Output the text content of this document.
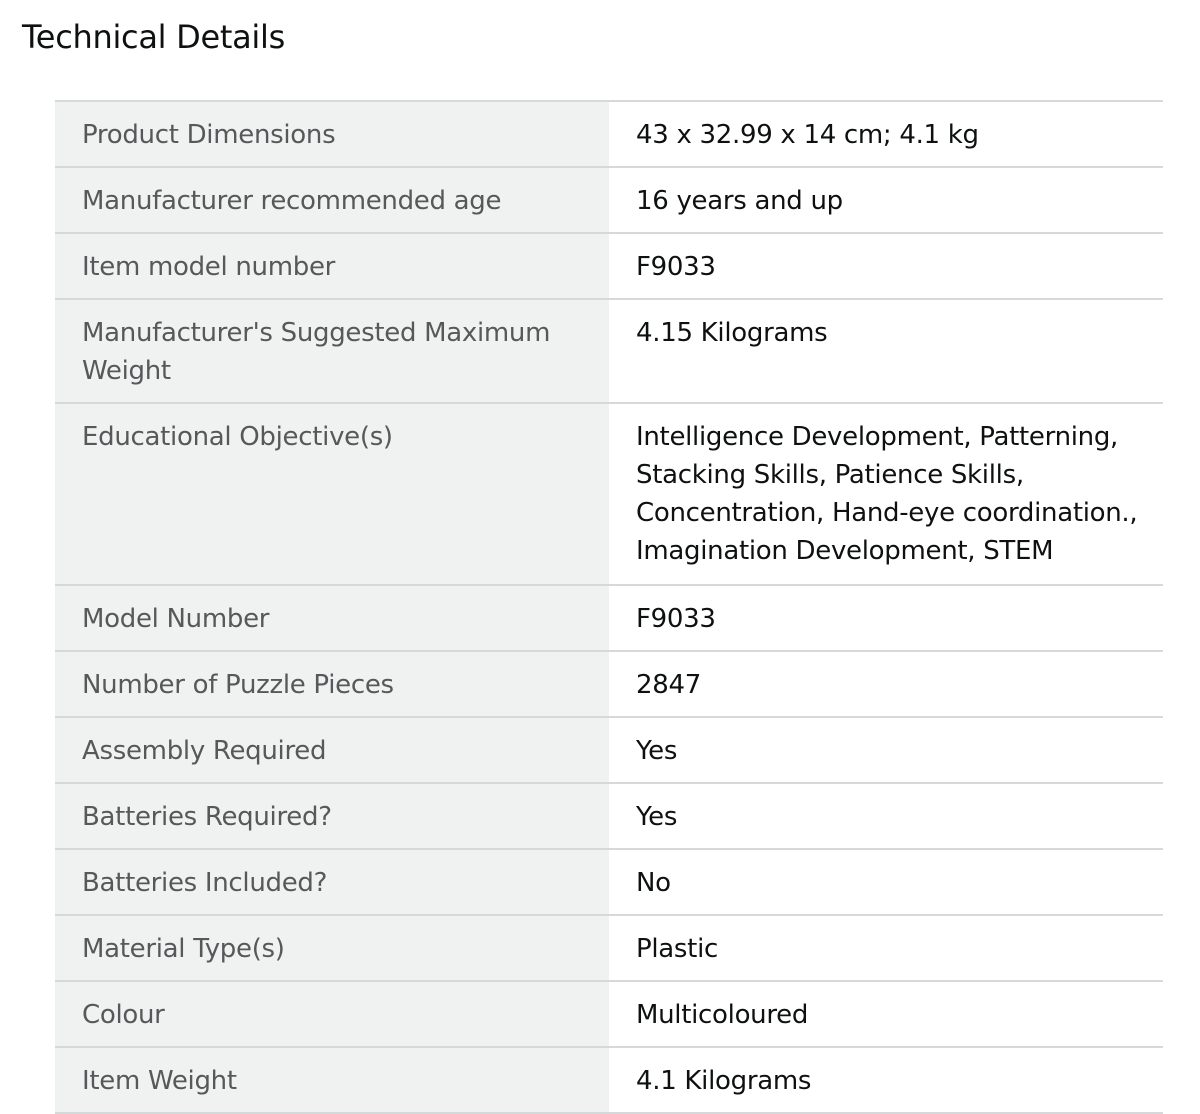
Technical Details
Product Dimensions	43 x 32.99 x 14 cm; 4.1 kg
Manufacturer recommended age	16 years and up
Item model number	F9033
Manufacturer's Suggested Maximum Weight	4.15 Kilograms
Educational Objective(s)	Intelligence Development, Patterning, Stacking Skills, Patience Skills, Concentration, Hand-eye coordination., Imagination Development, STEM
Model Number	F9033
Number of Puzzle Pieces	2847
Assembly Required	Yes
Batteries Required?	Yes
Batteries Included?	No
Material Type(s)	Plastic
Colour	Multicoloured
Item Weight	4.1 Kilograms
